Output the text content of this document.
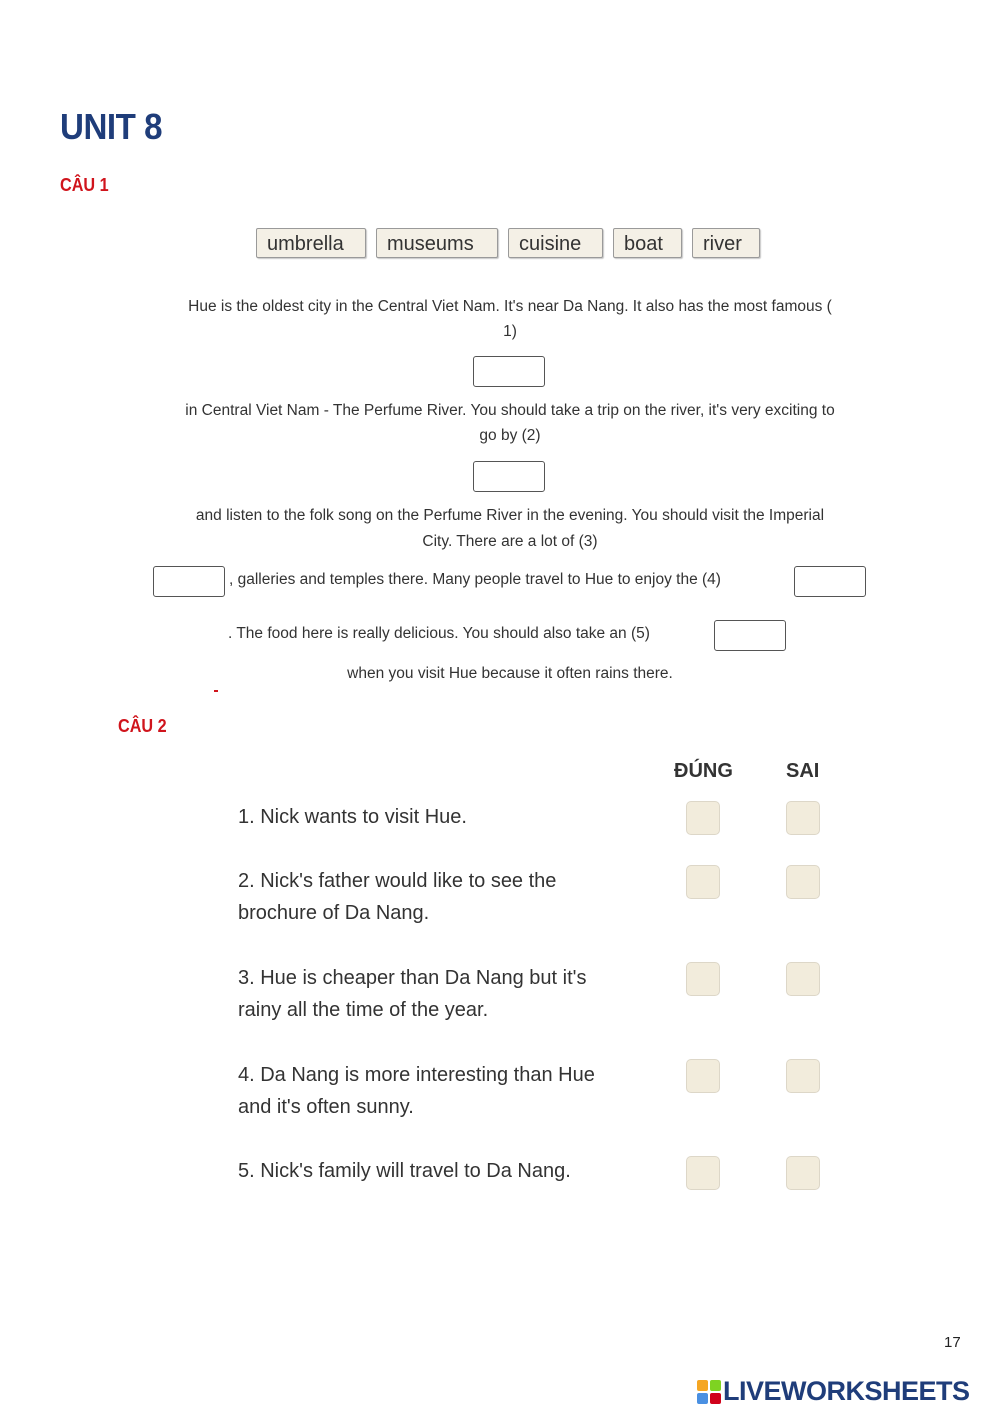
UNIT 8
CÂU 1
umbrella	museums	cuisine	boat	river
Hue is the oldest city in the Central Viet Nam. It's near Da Nang. It also has the most famous (
1)
in Central Viet Nam - The Perfume River. You should take a trip on the river, it's very exciting to
go by (2)
and listen to the folk song on the Perfume River in the evening. You should visit the Imperial
City. There are a lot of (3)
, galleries and temples there. Many people travel to Hue to enjoy the (4)
. The food here is really delicious. You should also take an (5)
when you visit Hue because it often rains there.
CÂU 2
ĐÚNG	SAI
1. Nick wants to visit Hue.
2. Nick's father would like to see the
brochure of Da Nang.
3. Hue is cheaper than Da Nang but it's
rainy all the time of the year.
4. Da Nang is more interesting than Hue
and it's often sunny.
5. Nick's family will travel to Da Nang.
17
LIVEWORKSHEETS
